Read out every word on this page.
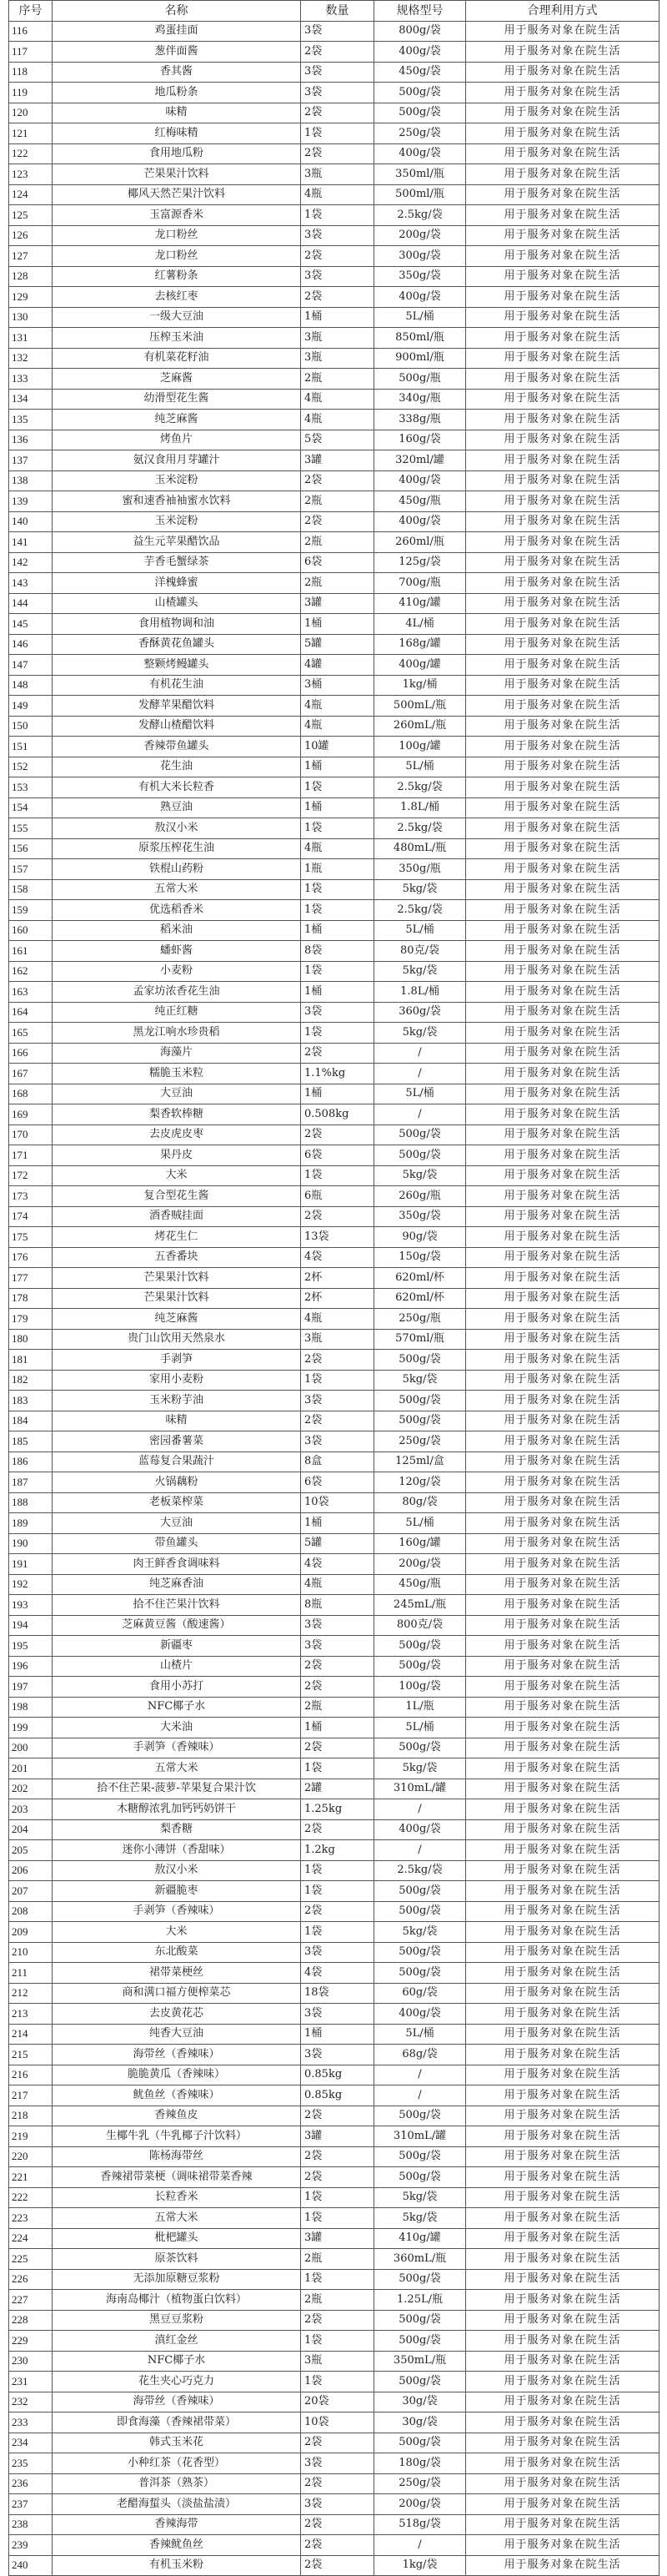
序号	名称	数量	规格型号	合理利用方式
116	鸡蛋挂面	3袋	800g/袋	用于服务对象在院生活
117	葱伴面酱	2袋	400g/袋	用于服务对象在院生活
118	香其酱	3袋	450g/袋	用于服务对象在院生活
119	地瓜粉条	3袋	500g/袋	用于服务对象在院生活
120	味精	2袋	500g/袋	用于服务对象在院生活
121	红梅味精	1袋	250g/袋	用于服务对象在院生活
122	食用地瓜粉	2袋	400g/袋	用于服务对象在院生活
123	芒果果汁饮料	3瓶	350ml/瓶	用于服务对象在院生活
124	椰风天然芒果汁饮料	4瓶	500ml/瓶	用于服务对象在院生活
125	玉富源香米	1袋	2.5kg/袋	用于服务对象在院生活
126	龙口粉丝	3袋	200g/袋	用于服务对象在院生活
127	龙口粉丝	2袋	300g/袋	用于服务对象在院生活
128	红薯粉条	3袋	350g/袋	用于服务对象在院生活
129	去核红枣	2袋	400g/袋	用于服务对象在院生活
130	一级大豆油	1桶	5L/桶	用于服务对象在院生活
131	压榨玉米油	3瓶	850ml/瓶	用于服务对象在院生活
132	有机菜花籽油	3瓶	900ml/瓶	用于服务对象在院生活
133	芝麻酱	2瓶	500g/瓶	用于服务对象在院生活
134	幼滑型花生酱	4瓶	340g/瓶	用于服务对象在院生活
135	纯芝麻酱	4瓶	338g/瓶	用于服务对象在院生活
136	烤鱼片	5袋	160g/袋	用于服务对象在院生活
137	氨汉食用月芽罐汁	3罐	320ml/罐	用于服务对象在院生活
138	玉米淀粉	2袋	400g/袋	用于服务对象在院生活
139	蜜和速香袖袖蜜水饮料	2瓶	450g/瓶	用于服务对象在院生活
140	玉米淀粉	2袋	400g/袋	用于服务对象在院生活
141	益生元苹果醋饮品	2瓶	260ml/瓶	用于服务对象在院生活
142	芋香毛蟹绿茶	6袋	125g/袋	用于服务对象在院生活
143	洋槐蜂蜜	2瓶	700g/瓶	用于服务对象在院生活
144	山楂罐头	3罐	410g/罐	用于服务对象在院生活
145	食用植物调和油	1桶	4L/桶	用于服务对象在院生活
146	香酥黄花鱼罐头	5罐	168g/罐	用于服务对象在院生活
147	整颗烤鳗罐头	4罐	400g/罐	用于服务对象在院生活
148	有机花生油	3桶	1kg/桶	用于服务对象在院生活
149	发酵苹果醋饮料	4瓶	500mL/瓶	用于服务对象在院生活
150	发酵山楂醋饮料	4瓶	260mL/瓶	用于服务对象在院生活
151	香辣带鱼罐头	10罐	100g/罐	用于服务对象在院生活
152	花生油	1桶	5L/桶	用于服务对象在院生活
153	有机大米长粒香	1袋	2.5kg/袋	用于服务对象在院生活
154	熟豆油	1桶	1.8L/桶	用于服务对象在院生活
155	敖汉小米	1袋	2.5kg/袋	用于服务对象在院生活
156	原浆压榨花生油	4瓶	480mL/瓶	用于服务对象在院生活
157	铁棍山药粉	1瓶	350g/瓶	用于服务对象在院生活
158	五常大米	1袋	5kg/袋	用于服务对象在院生活
159	优选稻香米	1袋	2.5kg/袋	用于服务对象在院生活
160	稻米油	1桶	5L/桶	用于服务对象在院生活
161	蟠虾酱	8袋	80克/袋	用于服务对象在院生活
162	小麦粉	1袋	5kg/袋	用于服务对象在院生活
163	孟家坊浓香花生油	1桶	1.8L/桶	用于服务对象在院生活
164	纯正红糖	3袋	360g/袋	用于服务对象在院生活
165	黑龙江响水珍贵稻	1袋	5kg/袋	用于服务对象在院生活
166	海藻片	2袋	/	用于服务对象在院生活
167	糯脆玉米粒	1.1%kg	/	用于服务对象在院生活
168	大豆油	1桶	5L/桶	用于服务对象在院生活
169	梨香软棒糖	0.508kg	/	用于服务对象在院生活
170	去皮虎皮枣	2袋	500g/袋	用于服务对象在院生活
171	果丹皮	6袋	500g/袋	用于服务对象在院生活
172	大米	1袋	5kg/袋	用于服务对象在院生活
173	复合型花生酱	6瓶	260g/瓶	用于服务对象在院生活
174	酒香贼挂面	2袋	350g/袋	用于服务对象在院生活
175	烤花生仁	13袋	90g/袋	用于服务对象在院生活
176	五香番块	4袋	150g/袋	用于服务对象在院生活
177	芒果果汁饮料	2杯	620ml/杯	用于服务对象在院生活
178	芒果果汁饮料	2杯	620ml/杯	用于服务对象在院生活
179	纯芝麻酱	4瓶	250g/瓶	用于服务对象在院生活
180	贵门山饮用天然泉水	3瓶	570ml/瓶	用于服务对象在院生活
181	手剥笋	2袋	500g/袋	用于服务对象在院生活
182	家用小麦粉	1袋	5kg/袋	用于服务对象在院生活
183	玉米粉芋油	3袋	500g/袋	用于服务对象在院生活
184	味精	2袋	500g/袋	用于服务对象在院生活
185	密园番薯菜	3袋	250g/袋	用于服务对象在院生活
186	蓝莓复合果蔬汁	8盒	125ml/盒	用于服务对象在院生活
187	火锅藕粉	6袋	120g/袋	用于服务对象在院生活
188	老板菜榨菜	10袋	80g/袋	用于服务对象在院生活
189	大豆油	1桶	5L/桶	用于服务对象在院生活
190	带鱼罐头	5罐	160g/罐	用于服务对象在院生活
191	肉王鲜香食调味料	4袋	200g/袋	用于服务对象在院生活
192	纯芝麻香油	4瓶	450g/瓶	用于服务对象在院生活
193	拾不住芒果汁饮料	8瓶	245mL/瓶	用于服务对象在院生活
194	芝麻黄豆酱（酸速酱）	3袋	800克/袋	用于服务对象在院生活
195	新疆枣	3袋	500g/袋	用于服务对象在院生活
196	山楂片	2袋	500g/袋	用于服务对象在院生活
197	食用小苏打	2袋	100g/袋	用于服务对象在院生活
198	NFC椰子水	2瓶	1L/瓶	用于服务对象在院生活
199	大米油	1桶	5L/桶	用于服务对象在院生活
200	手剥笋（香辣味）	2袋	500g/袋	用于服务对象在院生活
201	五常大米	1袋	5kg/袋	用于服务对象在院生活
202	拾不住芒果-菠萝-苹果复合果汁饮	2罐	310mL/罐	用于服务对象在院生活
203	木糖醇浓乳加钙钙奶饼干	1.25kg	/	用于服务对象在院生活
204	梨香糖	2袋	400g/袋	用于服务对象在院生活
205	迷你小薄饼（香甜味）	1.2kg	/	用于服务对象在院生活
206	敖汉小米	1袋	2.5kg/袋	用于服务对象在院生活
207	新疆脆枣	1袋	500g/袋	用于服务对象在院生活
208	手剥笋（香辣味）	2袋	500g/袋	用于服务对象在院生活
209	大米	1袋	5kg/袋	用于服务对象在院生活
210	东北酸菜	3袋	500g/袋	用于服务对象在院生活
211	裙带菜梗丝	4袋	500g/袋	用于服务对象在院生活
212	商和满口福方便榨菜芯	18袋	60g/袋	用于服务对象在院生活
213	去皮黄花芯	3袋	400g/袋	用于服务对象在院生活
214	纯香大豆油	1桶	5L/桶	用于服务对象在院生活
215	海带丝（香辣味）	3袋	68g/袋	用于服务对象在院生活
216	脆脆黄瓜（香辣味）	0.85kg	/	用于服务对象在院生活
217	鱿鱼丝（香辣味）	0.85kg	/	用于服务对象在院生活
218	香辣鱼皮	2袋	500g/袋	用于服务对象在院生活
219	生椰牛乳（牛乳椰子汁饮料）	3罐	310mL/罐	用于服务对象在院生活
220	陈杨海带丝	2袋	500g/袋	用于服务对象在院生活
221	香辣裙带菜梗（调味裙带菜香辣	2袋	500g/袋	用于服务对象在院生活
222	长粒香米	1袋	5kg/袋	用于服务对象在院生活
223	五常大米	1袋	5kg/袋	用于服务对象在院生活
224	枇杷罐头	3罐	410g/罐	用于服务对象在院生活
225	原茶饮料	2瓶	360mL/瓶	用于服务对象在院生活
226	无添加原糖豆浆粉	1袋	500g/袋	用于服务对象在院生活
227	海南岛椰汁（植物蛋白饮料）	2瓶	1.25L/瓶	用于服务对象在院生活
228	黑豆豆浆粉	2袋	500g/袋	用于服务对象在院生活
229	滇红金丝	1袋	500g/袋	用于服务对象在院生活
230	NFC椰子水	3瓶	350mL/瓶	用于服务对象在院生活
231	花生夹心巧克力	1袋	500g/袋	用于服务对象在院生活
232	海带丝（香辣味）	20袋	30g/袋	用于服务对象在院生活
233	即食海藻（香辣裙带菜）	10袋	30g/袋	用于服务对象在院生活
234	韩式玉米花	2袋	500g/袋	用于服务对象在院生活
235	小种红茶（花香型）	3袋	180g/袋	用于服务对象在院生活
236	普洱茶（熟茶）	2袋	250g/袋	用于服务对象在院生活
237	老醋海蜇头（淡盐盐渍）	3袋	200g/袋	用于服务对象在院生活
238	香辣海带	2袋	518g/袋	用于服务对象在院生活
239	香辣鱿鱼丝	2袋	/	用于服务对象在院生活
240	有机玉米粉	2袋	1kg/袋	用于服务对象在院生活
